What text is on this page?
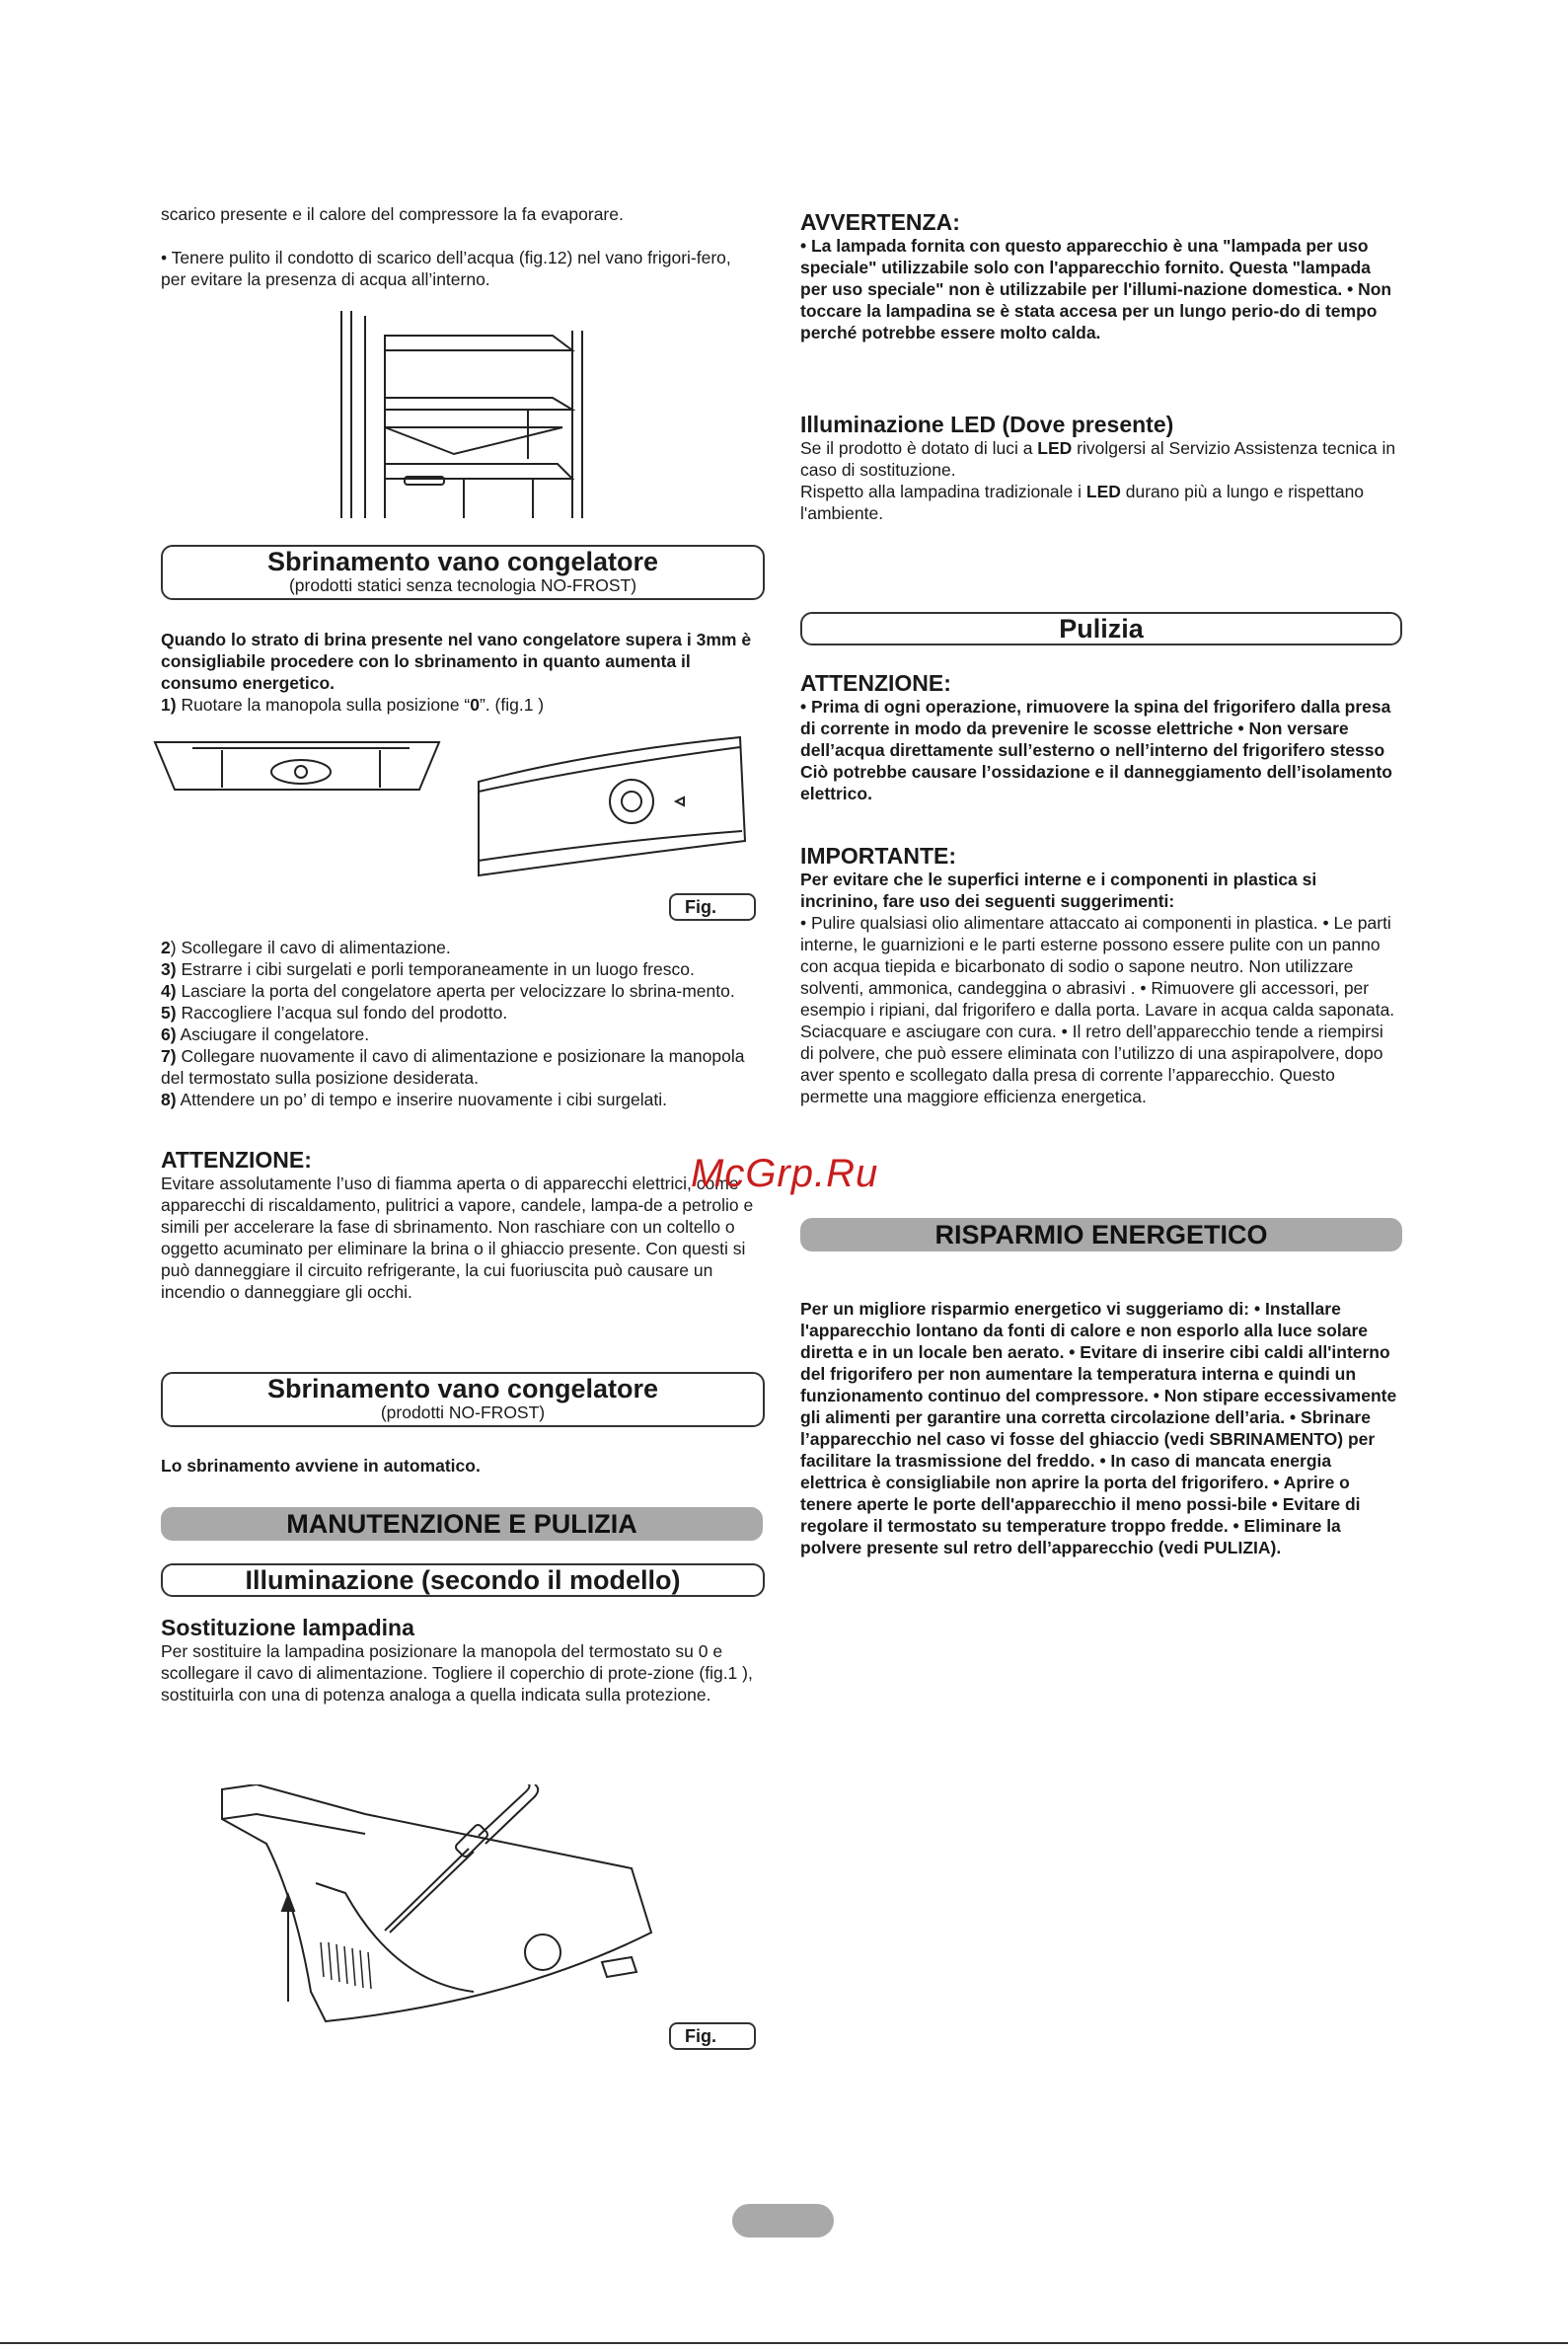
scarico presente e il calore del compressore la fa evaporare.

• Tenere pulito il condotto di scarico dell’acqua (fig.12) nel vano frigori-fero, per evitare la presenza di acqua all’interno.

Sbrinamento vano congelatore
(prodotti statici senza tecnologia NO-FROST)

Quando lo strato di brina presente nel vano congelatore supera i 3mm è consigliabile procedere con lo sbrinamento in quanto aumenta il consumo energetico.

1) Ruotare la manopola sulla posizione “0”. (fig.1 )

Fig.

2) Scollegare il cavo di alimentazione.

3) Estrarre i cibi surgelati e porli temporaneamente in un luogo fresco.

4) Lasciare la porta del congelatore aperta per velocizzare lo sbrina-mento.

5) Raccogliere l’acqua sul fondo del prodotto.

6) Asciugare il congelatore.

7) Collegare nuovamente il cavo di alimentazione e posizionare la manopola del termostato sulla posizione desiderata.

8) Attendere un po’ di tempo e inserire nuovamente i cibi surgelati.

ATTENZIONE:

Evitare assolutamente l’uso di fiamma aperta o di apparecchi elettrici, come apparecchi di riscaldamento, pulitrici a vapore, candele, lampa-de a petrolio e simili per accelerare la fase di sbrinamento. Non raschiare con un coltello o oggetto acuminato per eliminare la brina o il ghiaccio presente. Con questi si può danneggiare il circuito refrigerante, la cui fuoriuscita può causare un incendio o danneggiare gli occhi.

Sbrinamento vano congelatore
(prodotti NO-FROST)

Lo sbrinamento avviene in automatico.

MANUTENZIONE E PULIZIA
Illuminazione (secondo il modello)

Sostituzione lampadina

Per sostituire la lampadina posizionare la manopola del termostato su 0 e scollegare il cavo di alimentazione. Togliere il coperchio di prote-zione (fig.1 ), sostituirla con una di potenza analoga a quella indicata sulla protezione.

Fig.

AVVERTENZA:

• La lampada fornita con questo apparecchio è una "lampada per uso speciale" utilizzabile solo con l'apparecchio fornito. Questa "lampada per uso speciale" non è utilizzabile per l'illumi-nazione domestica. • Non toccare la lampadina se è stata accesa per un lungo perio-do di tempo perché potrebbe essere molto calda.

Illuminazione LED (Dove presente)

Se il prodotto è dotato di luci a LED rivolgersi al Servizio Assistenza tecnica in caso di sostituzione.

Rispetto alla lampadina tradizionale i LED durano più a lungo e rispettano l'ambiente.

Pulizia

ATTENZIONE:

• Prima di ogni operazione, rimuovere la spina del frigorifero dalla presa di corrente in modo da prevenire le scosse elettriche • Non versare dell’acqua direttamente sull’esterno o nell’interno del frigorifero stesso Ciò potrebbe causare l’ossidazione e il danneggiamento dell’isolamento elettrico.

IMPORTANTE:

Per evitare che le superfici interne e i componenti in plastica si incrinino, fare uso dei seguenti suggerimenti:

• Pulire qualsiasi olio alimentare attaccato ai componenti in plastica. • Le parti interne, le guarnizioni e le parti esterne possono essere pulite con un panno con acqua tiepida e bicarbonato di sodio o sapone neutro. Non utilizzare solventi, ammonica, candeggina o abrasivi . • Rimuovere gli accessori, per esempio i ripiani, dal frigorifero e dalla porta. Lavare in acqua calda saponata. Sciacquare e asciugare con cura. • Il retro dell’apparecchio tende a riempirsi di polvere, che può essere eliminata con l’utilizzo di una aspirapolvere, dopo aver spento e scollegato dalla presa di corrente l’apparecchio. Questo permette una maggiore efficienza energetica.

RISPARMIO ENERGETICO

Per un migliore risparmio energetico vi suggeriamo di: • Installare l'apparecchio lontano da fonti di calore e non esporlo alla luce solare diretta e in un locale ben aerato. • Evitare di inserire cibi caldi all'interno del frigorifero per non aumentare la temperatura interna e quindi un funzionamento continuo del compressore. • Non stipare eccessivamente gli alimenti per garantire una corretta circolazione dell’aria. • Sbrinare l’apparecchio nel caso vi fosse del ghiaccio (vedi SBRINAMENTO) per facilitare la trasmissione del freddo. • In caso di mancata energia elettrica è consigliabile non aprire la porta del frigorifero. • Aprire o tenere aperte le porte dell'apparecchio il meno possi-bile • Evitare di regolare il termostato su temperature troppo fredde. • Eliminare la polvere presente sul retro dell’apparecchio (vedi PULIZIA).

McGrp.Ru
